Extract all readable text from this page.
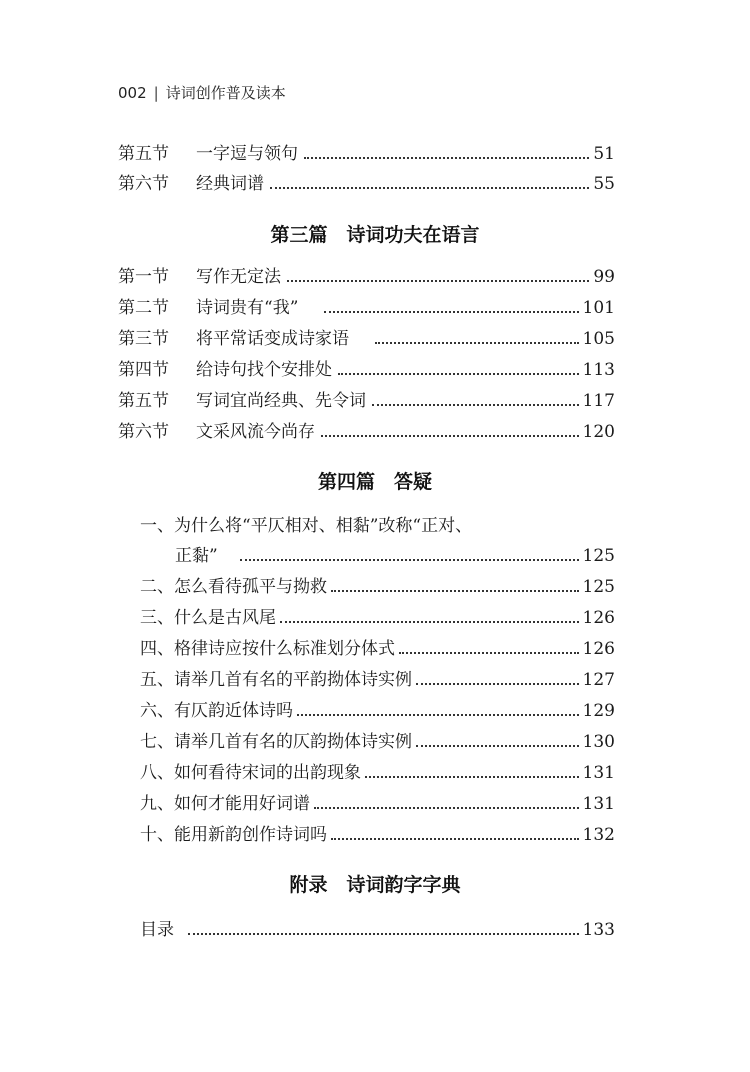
002 | 诗词创作普及读本
第五节	一字逗与领句	51
第六节	经典词谱	55
第三篇　诗词功夫在语言
第一节	写作无定法	99
第二节	诗词贵有“我”	101
第三节	将平常话变成诗家语	105
第四节	给诗句找个安排处	113
第五节	写词宜尚经典、先令词	117
第六节	文采风流今尚存	120
第四篇　答疑
一、为什么将“平仄相对、相黏”改称“正对、
正黏”	125
二、怎么看待孤平与拗救	125
三、什么是古风尾	126
四、格律诗应按什么标准划分体式	126
五、请举几首有名的平韵拗体诗实例	127
六、有仄韵近体诗吗	129
七、请举几首有名的仄韵拗体诗实例	130
八、如何看待宋词的出韵现象	131
九、如何才能用好词谱	131
十、能用新韵创作诗词吗	132
附录　诗词韵字字典
目录	133
